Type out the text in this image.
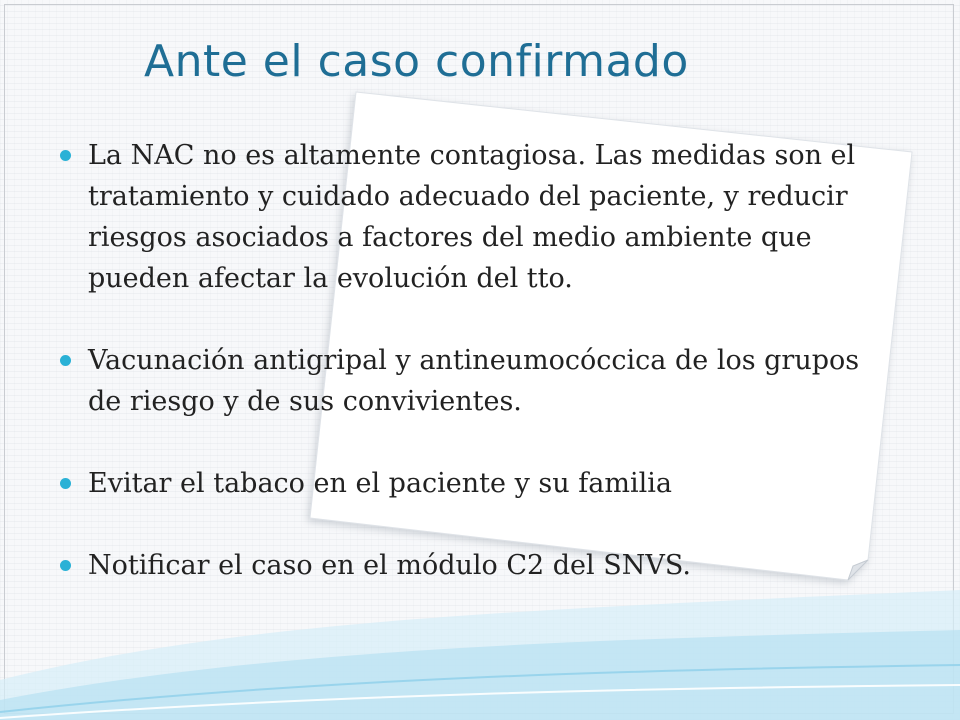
Ante el caso confirmado
La NAC no es altamente contagiosa. Las medidas son el tratamiento y cuidado adecuado del paciente, y reducir riesgos asociados a factores del medio ambiente que pueden afectar la evolución del tto.
Vacunación antigripal y antineumocóccica de los grupos de riesgo y de sus convivientes.
Evitar el tabaco en el paciente y su familia
Notificar el caso en el módulo C2 del SNVS.
